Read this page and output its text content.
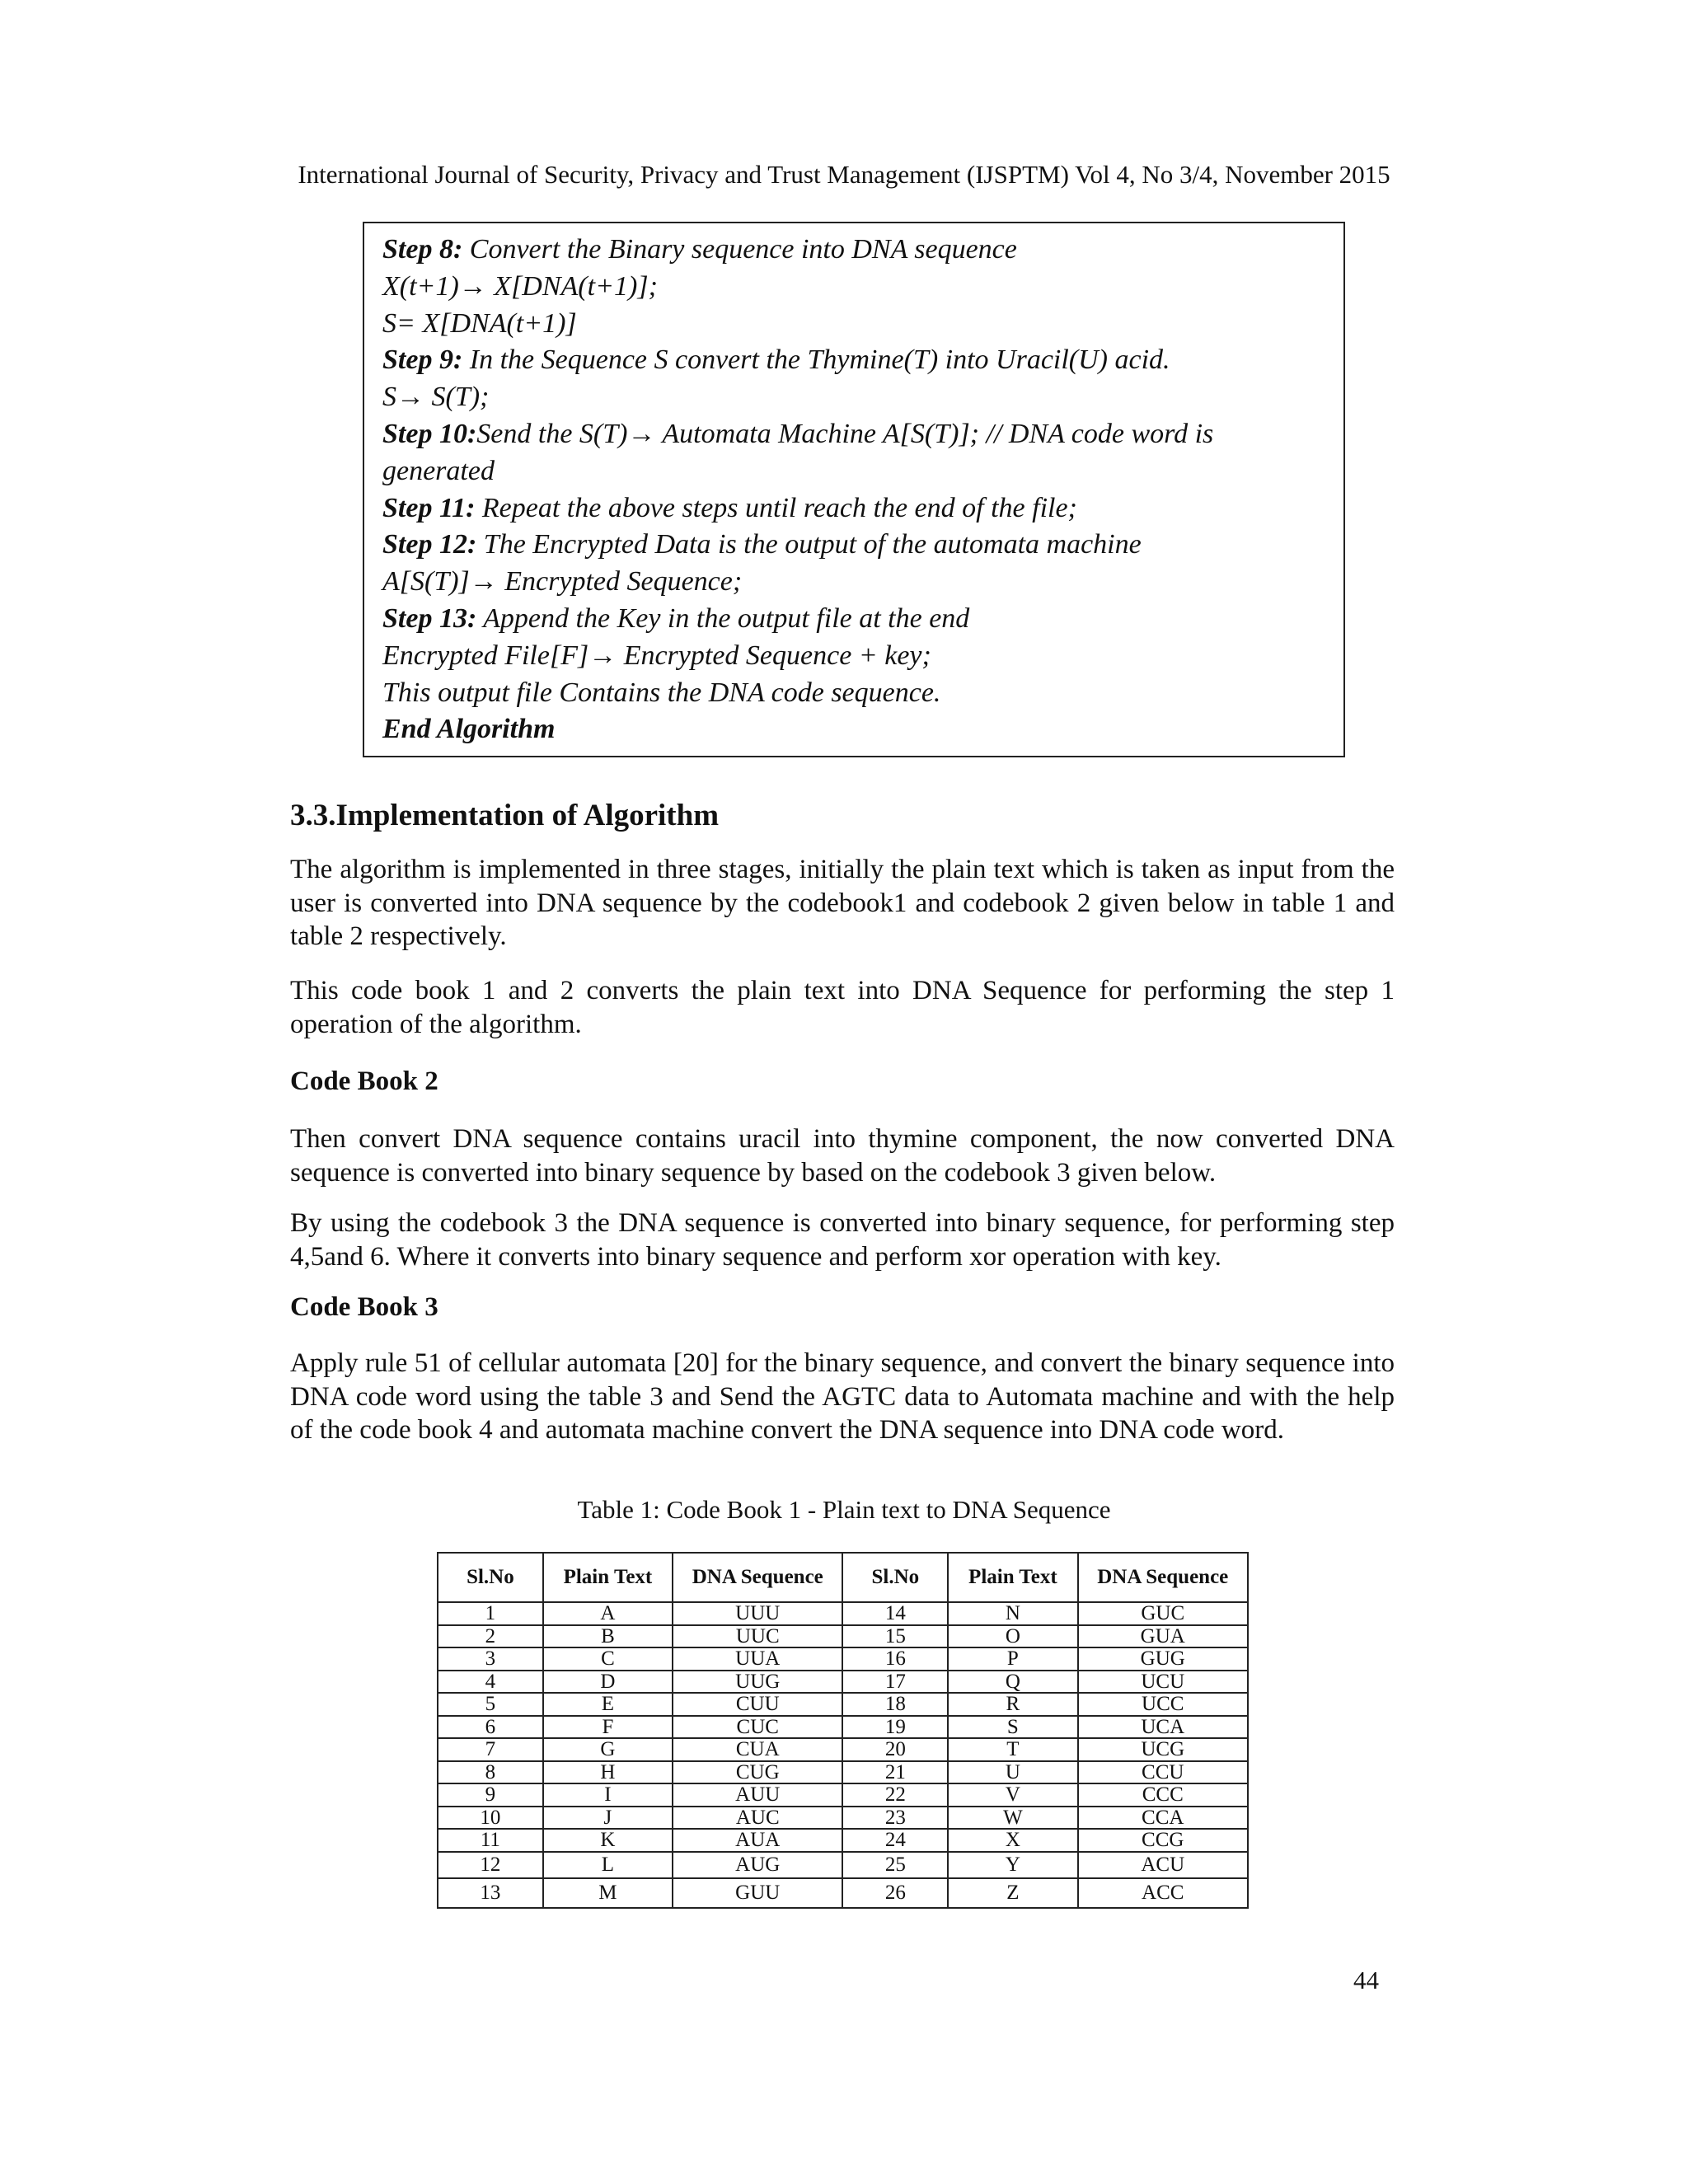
International Journal of Security, Privacy and Trust Management (IJSPTM) Vol 4, No 3/4, November 2015
Step 8: Convert the Binary sequence into DNA sequence
X(t+1)→ X[DNA(t+1)];
S= X[DNA(t+1)]
Step 9: In the Sequence S convert the Thymine(T) into Uracil(U) acid.
S→ S(T);
Step 10:Send the S(T)→ Automata Machine A[S(T)]; // DNA code word is
generated
Step 11: Repeat the above steps until reach the end of the file;
Step 12: The Encrypted Data is the output of the automata machine
A[S(T)]→ Encrypted Sequence;
Step 13: Append the Key in the output file at the end
Encrypted File[F]→ Encrypted Sequence + key;
This output file Contains the DNA code sequence.
End Algorithm
3.3.Implementation of Algorithm
The algorithm is implemented in three stages, initially the plain text which is taken as input from the user is converted into DNA sequence by the codebook1 and codebook 2 given below in table 1 and table 2 respectively.
This code book 1 and 2 converts the plain text into DNA Sequence for performing the step 1 operation of the algorithm.
Code Book 2
Then convert DNA sequence contains uracil into thymine component, the now converted DNA sequence is converted into binary sequence by based on the codebook 3 given below.
By using the codebook 3 the DNA sequence is converted into binary sequence, for performing step 4,5and 6. Where it converts into binary sequence and perform xor operation with key.
Code Book 3
Apply rule 51 of cellular automata [20] for the binary sequence, and convert the binary sequence into DNA code word using the table 3 and Send the AGTC data to Automata machine and with the help of the code book 4 and automata machine convert the DNA sequence into DNA code word.
Table 1: Code Book 1 - Plain text to DNA Sequence
Sl.No	Plain Text	DNA Sequence	Sl.No	Plain Text	DNA Sequence
1	A	UUU	14	N	GUC
2	B	UUC	15	O	GUA
3	C	UUA	16	P	GUG
4	D	UUG	17	Q	UCU
5	E	CUU	18	R	UCC
6	F	CUC	19	S	UCA
7	G	CUA	20	T	UCG
8	H	CUG	21	U	CCU
9	I	AUU	22	V	CCC
10	J	AUC	23	W	CCA
11	K	AUA	24	X	CCG
12	L	AUG	25	Y	ACU
13	M	GUU	26	Z	ACC
44
